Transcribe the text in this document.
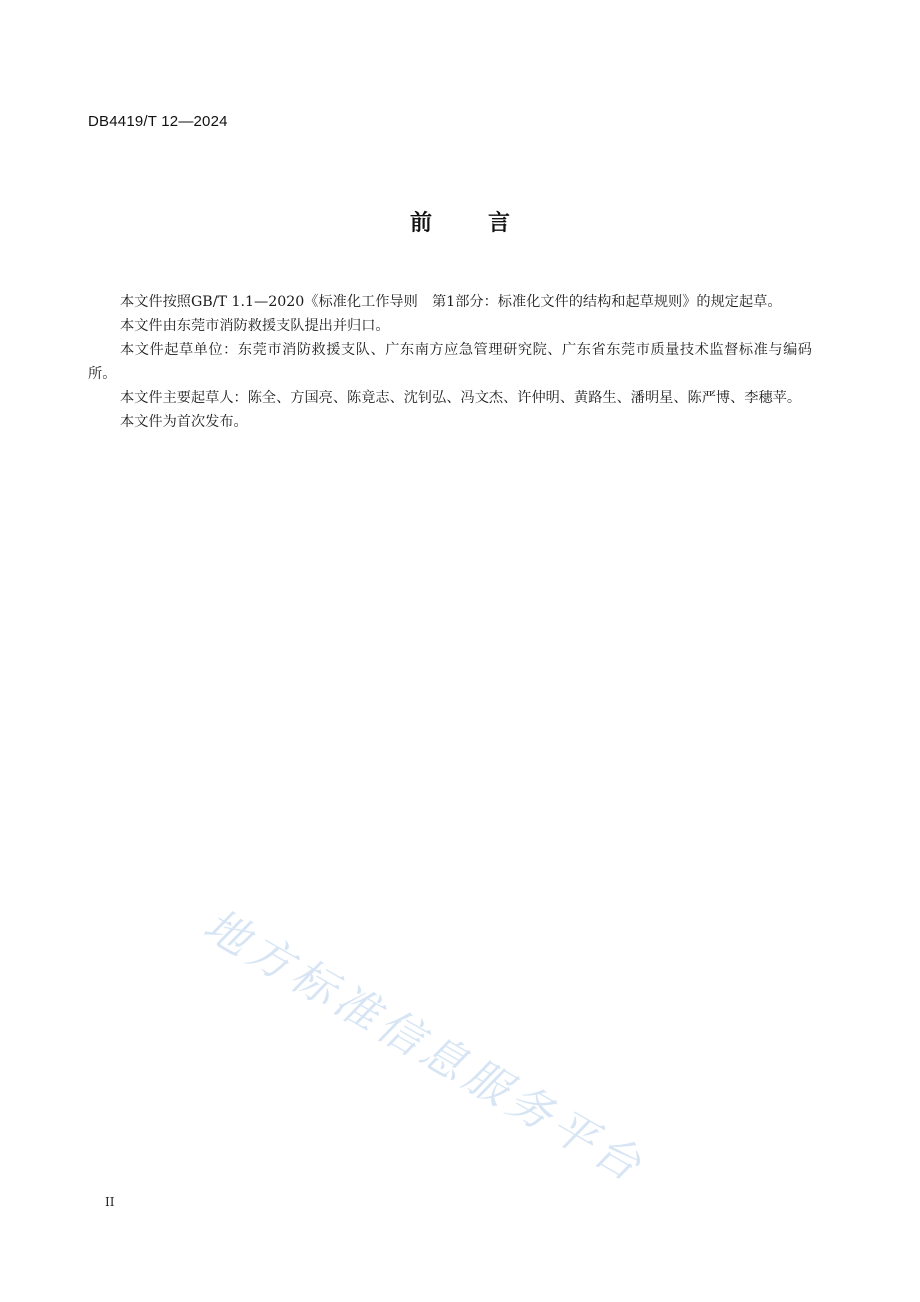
DB4419/T 12—2024
前	言

本文件按照GB/T 1.1—2020《标准化工作导则　第1部分：标准化文件的结构和起草规则》的规定起草。

本文件由东莞市消防救援支队提出并归口。

本文件起草单位：东莞市消防救援支队、广东南方应急管理研究院、广东省东莞市质量技术监督标准与编码所。

本文件主要起草人：陈全、方国亮、陈竟志、沈钊弘、冯文杰、许仲明、黄路生、潘明星、陈严博、李穗苹。

本文件为首次发布。

地方标准信息服务平台
II
